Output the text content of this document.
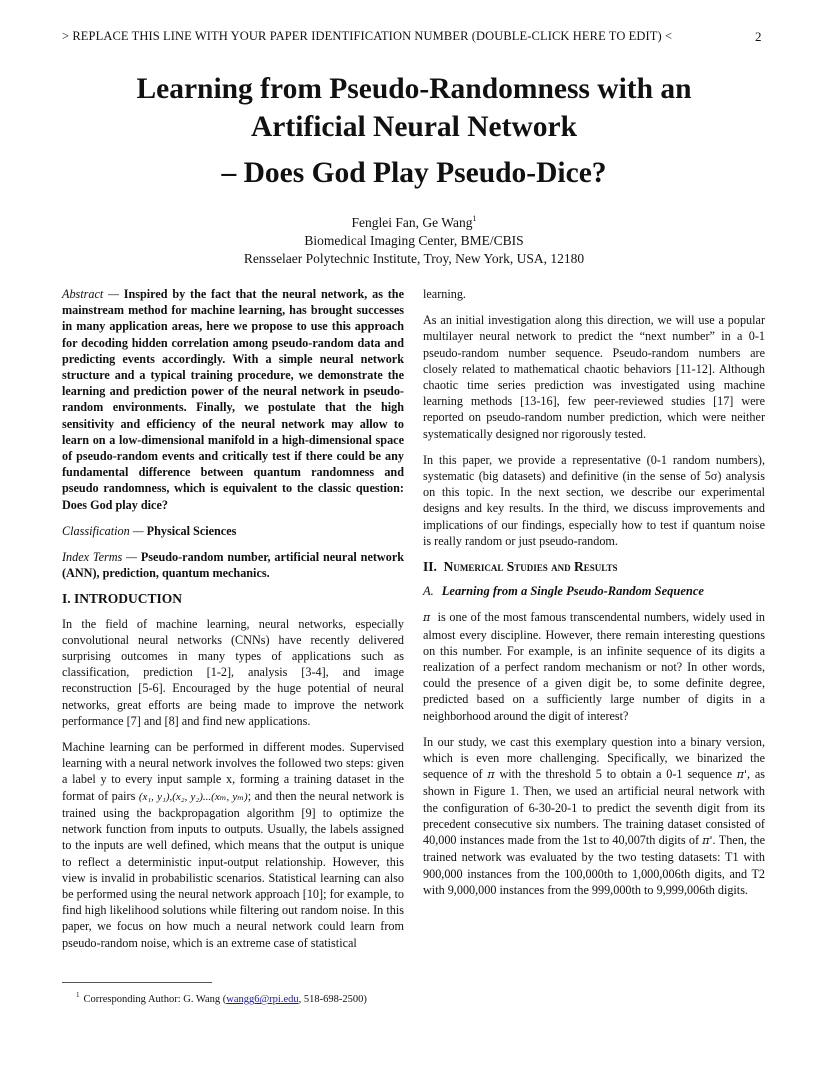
> REPLACE THIS LINE WITH YOUR PAPER IDENTIFICATION NUMBER (DOUBLE-CLICK HERE TO EDIT) <	2
Learning from Pseudo-Randomness with an
Artificial Neural Network
– Does God Play Pseudo-Dice?
Fenglei Fan, Ge Wang$^1$
Biomedical Imaging Center, BME/CBIS
Rensselaer Polytechnic Institute, Troy, New York, USA, 12180

Abstract — Inspired by the fact that the neural network, as the mainstream method for machine learning, has brought successes in many application areas, here we propose to use this approach for decoding hidden correlation among pseudo-random data and predicting events accordingly. With a simple neural network structure and a typical training procedure, we demonstrate the learning and prediction power of the neural network in pseudo-random environments. Finally, we postulate that the high sensitivity and efficiency of the neural network may allow to learn on a low-dimensional manifold in a high-dimensional space of pseudo-random events and critically test if there could be any fundamental difference between quantum randomness and pseudo randomness, which is equivalent to the classic question: Does God play dice?

Classification — Physical Sciences
Index Terms — Pseudo-random number, artificial neural network (ANN), prediction, quantum mechanics.
I. INTRODUCTION

In the field of machine learning, neural networks, especially convolutional neural networks (CNNs) have recently delivered surprising outcomes in many types of applications such as classification, prediction [1-2], analysis [3-4], and image reconstruction [5-6]. Encouraged by the huge potential of neural networks, great efforts are being made to improve the network performance [7] and [8] and find new applications.

Machine learning can be performed in different modes. Supervised learning with a neural network involves the followed two steps: given a label y to every input sample x, forming a training dataset in the format of pairs (x₁, y₁),(x₂, y₂)...(xₘ, yₘ); and then the neural network is trained using the backpropagation algorithm [9] to optimize the network function from inputs to outputs. Usually, the labels assigned to the inputs are well defined, which means that the output is unique to reflect a deterministic input-output relationship. However, this view is invalid in probabilistic scenarios. Statistical learning can also be performed using the neural network approach [10]; for example, to find high likelihood solutions while filtering out random noise. In this paper, we focus on how much a neural network could learn from pseudo-random noise, which is an extreme case of statistical

learning.

As an initial investigation along this direction, we will use a popular multilayer neural network to predict the “next number” in a 0-1 pseudo-random number sequence. Pseudo-random numbers are closely related to mathematical chaotic behaviors [11-12]. Although chaotic time series prediction was investigated using machine learning methods [13-16], few peer-reviewed studies [17] were reported on pseudo-random number prediction, which were neither systematically designed nor rigorously tested.

In this paper, we provide a representative (0-1 random numbers), systematic (big datasets) and definitive (in the sense of 5σ) analysis on this topic. In the next section, we describe our experimental designs and key results. In the third, we discuss improvements and implications of our findings, especially how to test if quantum noise is really random or just pseudo-random.

II. Numerical Studies and Results
A. Learning from a Single Pseudo-Random Sequence

π is one of the most famous transcendental numbers, widely used in almost every discipline. However, there remain interesting questions on this number. For example, is an infinite sequence of its digits a realization of a perfect random mechanism or not? In other words, could the presence of a given digit be, to some definite degree, predicted based on a sufficiently large number of digits in a neighborhood around the digit of interest?

In our study, we cast this exemplary question into a binary version, which is even more challenging. Specifically, we binarized the sequence of π with the threshold 5 to obtain a 0-1 sequence π', as shown in Figure 1. Then, we used an artificial neural network with the configuration of 6-30-20-1 to predict the seventh digit from its precedent consecutive six numbers. The training dataset consisted of 40,000 instances made from the 1st to 40,007th digits of π'. Then, the trained network was evaluated by the two testing datasets: T1 with 900,000 instances from the 100,000th to 1,000,006th digits, and T2 with 9,000,000 instances from the 999,000th to 9,999,006th digits.

$^1$ Corresponding Author: G. Wang (wangg6@rpi.edu, 518-698-2500)
